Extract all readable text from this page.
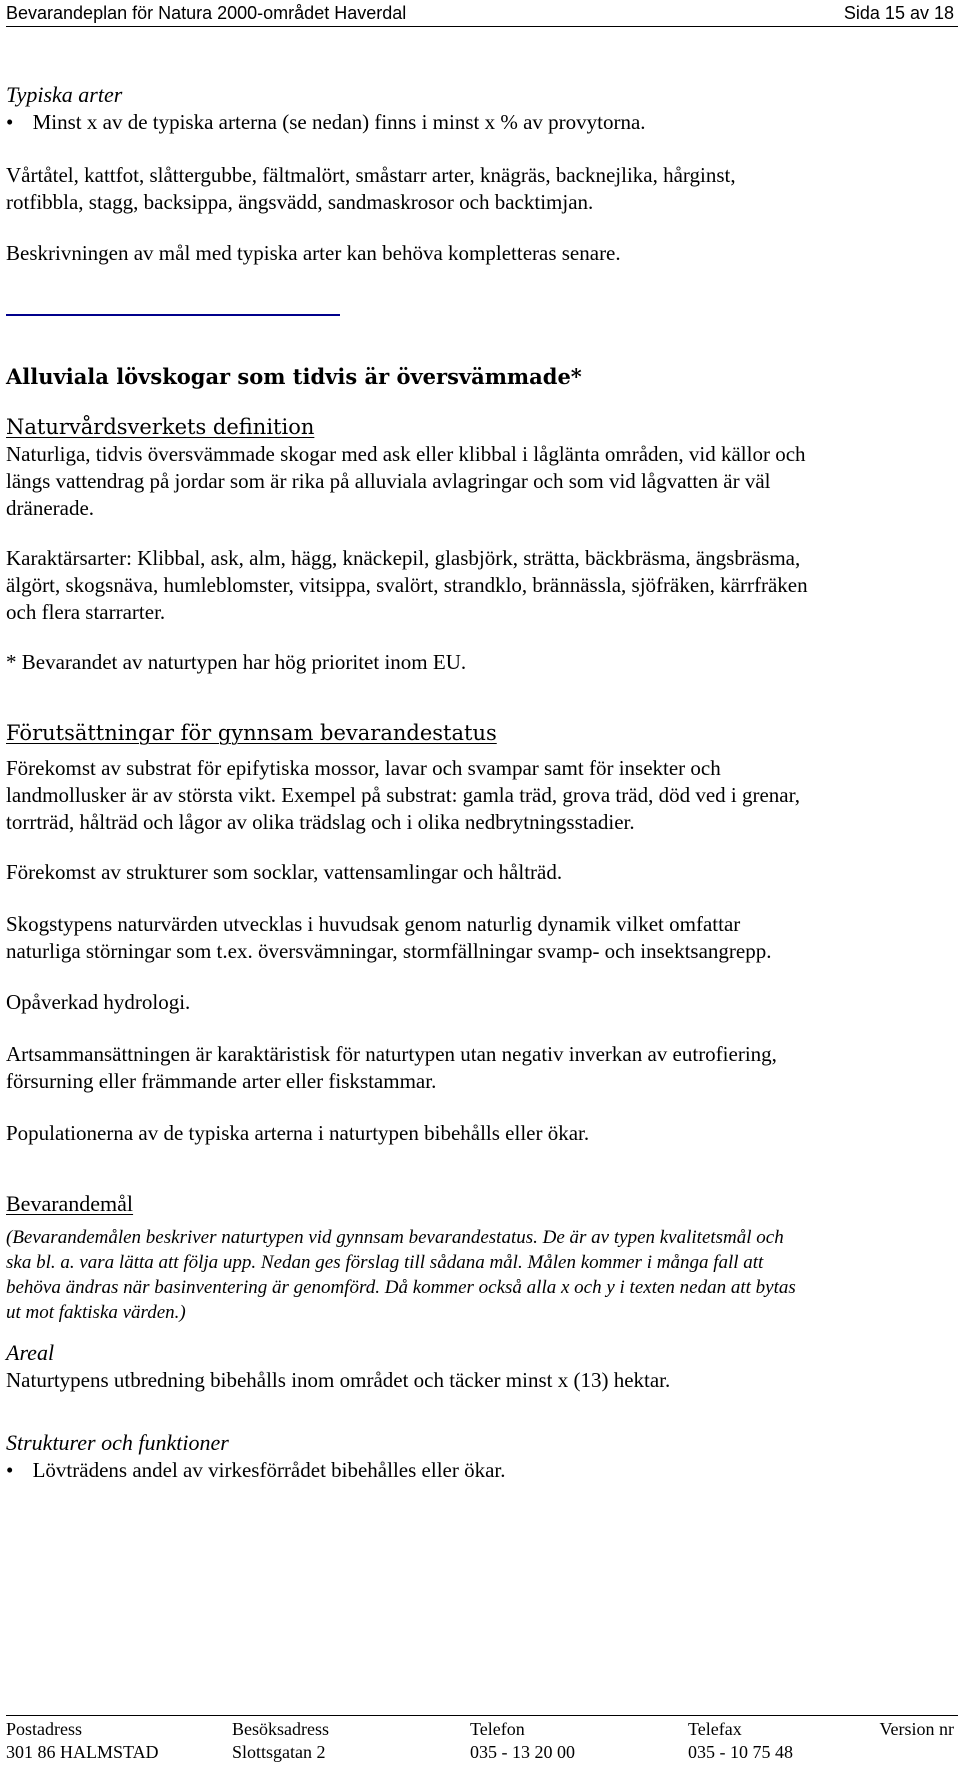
Bevarandeplan för Natura 2000-området Haverdal	Sida 15 av 18
Typiska arter
• Minst x av de typiska arterna (se nedan) finns i minst x % av provytorna.
Vårtåtel, kattfot, slåttergubbe, fältmalört, småstarr arter, knägräs, backnejlika, hårginst,
rotfibbla, stagg, backsippa, ängsvädd, sandmaskrosor och backtimjan.
Beskrivningen av mål med typiska arter kan behöva kompletteras senare.
Alluviala lövskogar som tidvis är översvämmade*
Naturvårdsverkets definition
Naturliga, tidvis översvämmade skogar med ask eller klibbal i låglänta områden, vid källor och
längs vattendrag på jordar som är rika på alluviala avlagringar och som vid lågvatten är väl
dränerade.
Karaktärsarter: Klibbal, ask, alm, hägg, knäckepil, glasbjörk, strätta, bäckbräsma, ängsbräsma,
älgört, skogsnäva, humleblomster, vitsippa, svalört, strandklo, brännässla, sjöfräken, kärrfräken
och flera starrarter.
* Bevarandet av naturtypen har hög prioritet inom EU.
Förutsättningar för gynnsam bevarandestatus
Förekomst av substrat för epifytiska mossor, lavar och svampar samt för insekter och
landmollusker är av största vikt. Exempel på substrat: gamla träd, grova träd, död ved i grenar,
torrträd, hålträd och lågor av olika trädslag och i olika nedbrytningsstadier.
Förekomst av strukturer som socklar, vattensamlingar och hålträd.
Skogstypens naturvärden utvecklas i huvudsak genom naturlig dynamik vilket omfattar
naturliga störningar som t.ex. översvämningar, stormfällningar svamp- och insektsangrepp.
Opåverkad hydrologi.
Artsammansättningen är karaktäristisk för naturtypen utan negativ inverkan av eutrofiering,
försurning eller främmande arter eller fiskstammar.
Populationerna av de typiska arterna i naturtypen bibehålls eller ökar.
Bevarandemål
(Bevarandemålen beskriver naturtypen vid gynnsam bevarandestatus. De är av typen kvalitetsmål och
ska bl. a. vara lätta att följa upp. Nedan ges förslag till sådana mål. Målen kommer i många fall att
behöva ändras när basinventering är genomförd. Då kommer också alla x och y i texten nedan att bytas
ut mot faktiska värden.)
Areal
Naturtypens utbredning bibehålls inom området och täcker minst x (13) hektar.
Strukturer och funktioner
• Lövträdens andel av virkesförrådet bibehålles eller ökar.
Postadress
301 86 HALMSTAD
Besöksadress
Slottsgatan 2
Telefon
035 - 13 20 00
Telefax
035 - 10 75 48
Version nr
